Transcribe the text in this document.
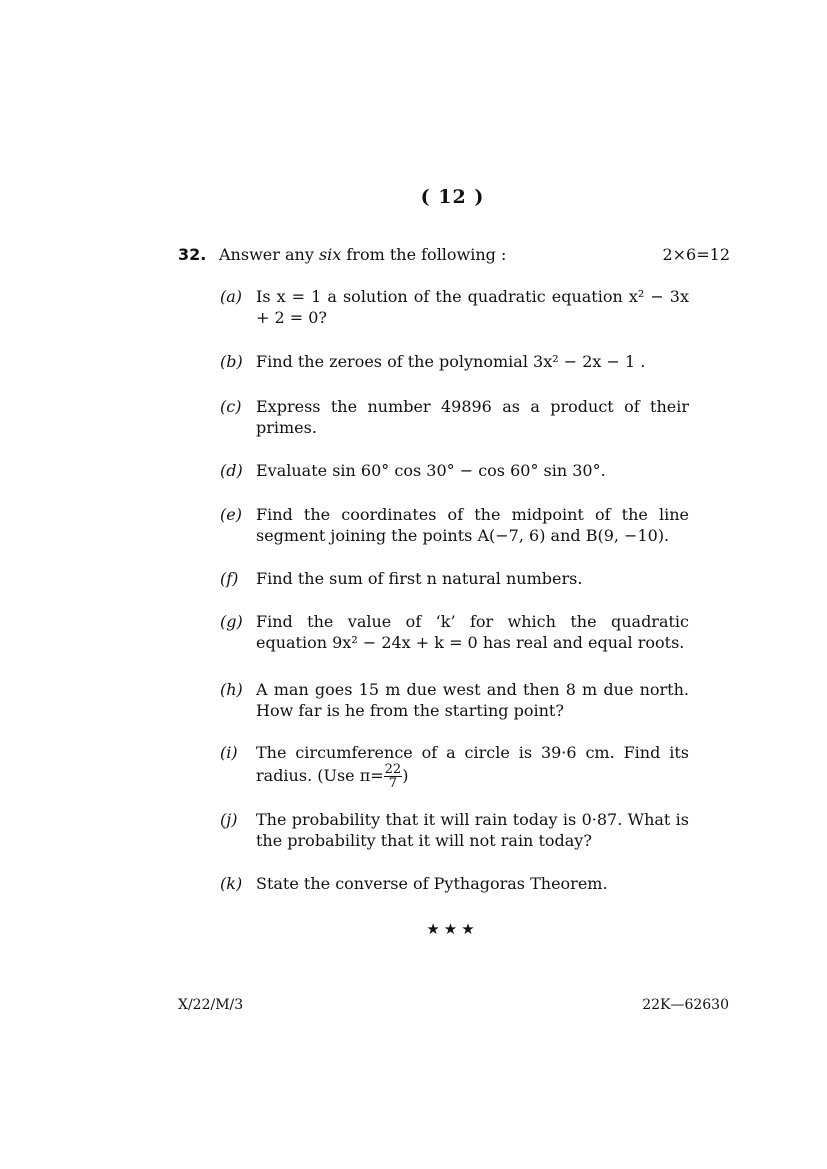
( 12 )
32. Answer any six from the following :	2×6=12
(a) Is x = 1 a solution of the quadratic equation x² − 3x + 2 = 0?
(b) Find the zeroes of the polynomial 3x² − 2x − 1 .
(c) Express the number 49896 as a product of their primes.
(d) Evaluate sin 60° cos 30° − cos 60° sin 30°.
(e) Find the coordinates of the midpoint of the line segment joining the points A(−7, 6) and B(9, −10).
(f)	Find the sum of first n natural numbers.
(g) Find the value of ‘k’ for which the quadratic equation 9x² − 24x + k = 0 has real and equal roots.
(h) A man goes 15 m due west and then 8 m due north. How far is he from the starting point?
(i)	The circumference of a circle is 39·6 cm. Find its radius. (Use $\pi= \frac{22}{7}$ )
(j)	The probability that it will rain today is 0·87. What is the probability that it will not rain today?
(k) State the converse of Pythagoras Theorem.
★★★
X/22/M/3	22K—62630
